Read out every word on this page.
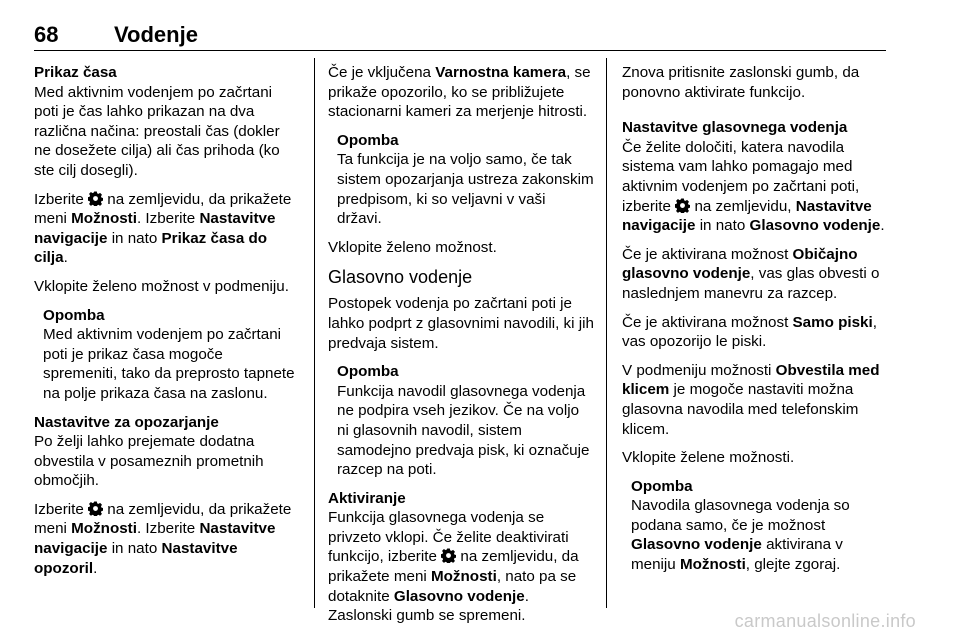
68	Vodenje

Prikaz časa

Med aktivnim vodenjem po začrtani poti je čas lahko prikazan na dva različna načina: preostali čas (dokler ne dosežete cilja) ali čas prihoda (ko ste cilj dosegli).

Izberite na zemljevidu, da prikažete meni Možnosti. Izberite Nastavitve navigacije in nato Prikaz časa do cilja.

Vklopite želeno možnost v podmeniju.

Opomba

Med aktivnim vodenjem po začrtani poti je prikaz časa mogoče spremeniti, tako da preprosto tapnete na polje prikaza časa na zaslonu.

Nastavitve za opozarjanje

Po želji lahko prejemate dodatna obvestila v posameznih prometnih območjih.

Izberite na zemljevidu, da prikažete meni Možnosti. Izberite Nastavitve navigacije in nato Nastavitve opozoril.

Če je vključena Varnostna kamera, se prikaže opozorilo, ko se približujete stacionarni kameri za merjenje hitrosti.

Opomba

Ta funkcija je na voljo samo, če tak sistem opozarjanja ustreza zakonskim predpisom, ki so veljavni v vaši državi.

Vklopite želeno možnost.

Glasovno vodenje

Postopek vodenja po začrtani poti je lahko podprt z glasovnimi navodili, ki jih predvaja sistem.

Opomba

Funkcija navodil glasovnega vodenja ne podpira vseh jezikov. Če na voljo ni glasovnih navodil, sistem samodejno predvaja pisk, ki označuje razcep na poti.

Aktiviranje

Funkcija glasovnega vodenja se privzeto vklopi. Če želite deaktivirati funkcijo, izberite na zemljevidu, da prikažete meni Možnosti, nato pa se dotaknite Glasovno vodenje.

Zaslonski gumb se spremeni.

Znova pritisnite zaslonski gumb, da ponovno aktivirate funkcijo.

Nastavitve glasovnega vodenja

Če želite določiti, katera navodila sistema vam lahko pomagajo med aktivnim vodenjem po začrtani poti, izberite na zemljevidu, Nastavitve navigacije in nato Glasovno vodenje.

Če je aktivirana možnost Običajno glasovno vodenje, vas glas obvesti o naslednjem manevru za razcep.

Če je aktivirana možnost Samo piski, vas opozorijo le piski.

V podmeniju možnosti Obvestila med klicem je mogoče nastaviti možna glasovna navodila med telefonskim klicem.

Vklopite želene možnosti.

Opomba

Navodila glasovnega vodenja so podana samo, če je možnost Glasovno vodenje aktivirana v meniju Možnosti, glejte zgoraj.

carmanualsonline.info
